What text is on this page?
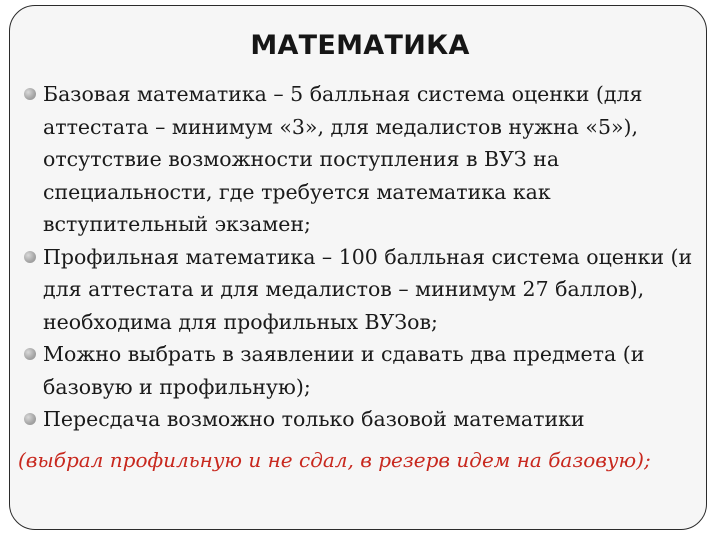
МАТЕМАТИКА
Базовая математика – 5 балльная система оценки (для аттестата – минимум «3», для медалистов нужна «5»), отсутствие возможности поступления в ВУЗ на специальности, где требуется математика как вступительный экзамен;
Профильная математика – 100 балльная система оценки (и для аттестата и для медалистов – минимум 27 баллов), необходима для профильных ВУЗов;
Можно выбрать в заявлении и сдавать два предмета (и базовую и профильную);
Пересдача возможно только базовой математики
(выбрал профильную и не сдал, в резерв идем на базовую);
